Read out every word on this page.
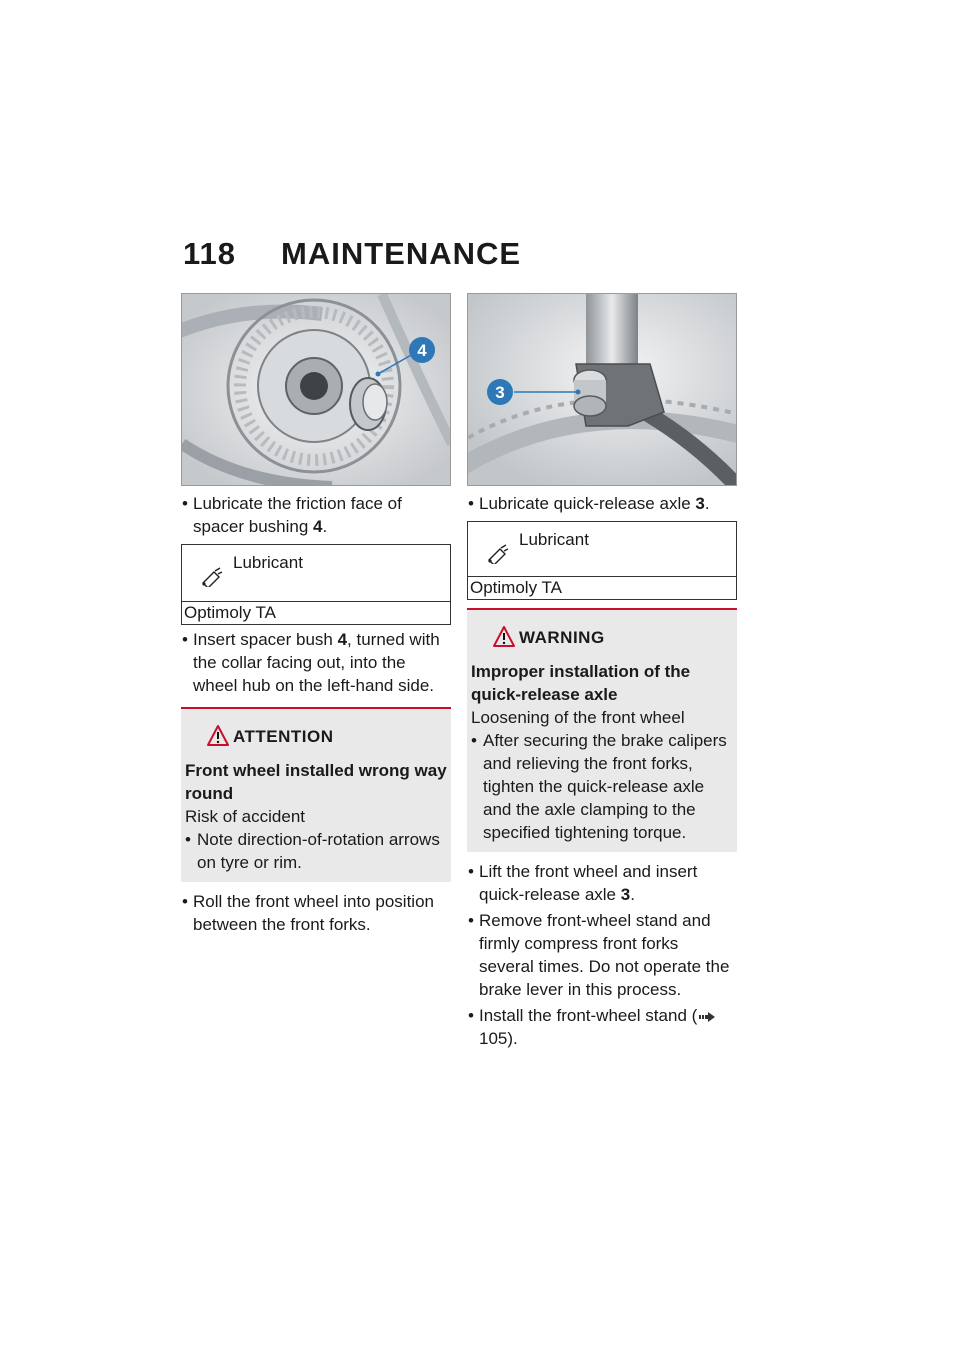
118 MAINTENANCE
4
• Lubricate the friction face of spacer bushing 4.
Lubricant
Optimoly TA
• Insert spacer bush 4, turned with the collar facing out, into the wheel hub on the left-hand side.
ATTENTION
Front wheel installed wrong way round
Risk of accident
• Note direction-of-rotation arrows on tyre or rim.
• Roll the front wheel into position between the front forks.
3
• Lubricate quick-release axle 3.
Lubricant
Optimoly TA
WARNING
Improper installation of the quick-release axle
Loosening of the front wheel
• After securing the brake calipers and relieving the front forks, tighten the quick-release axle and the axle clamping to the specified tightening torque.
• Lift the front wheel and insert quick-release axle 3.
• Remove front-wheel stand and firmly compress front forks several times. Do not operate the brake lever in this process.
• Install the front-wheel stand (105).
